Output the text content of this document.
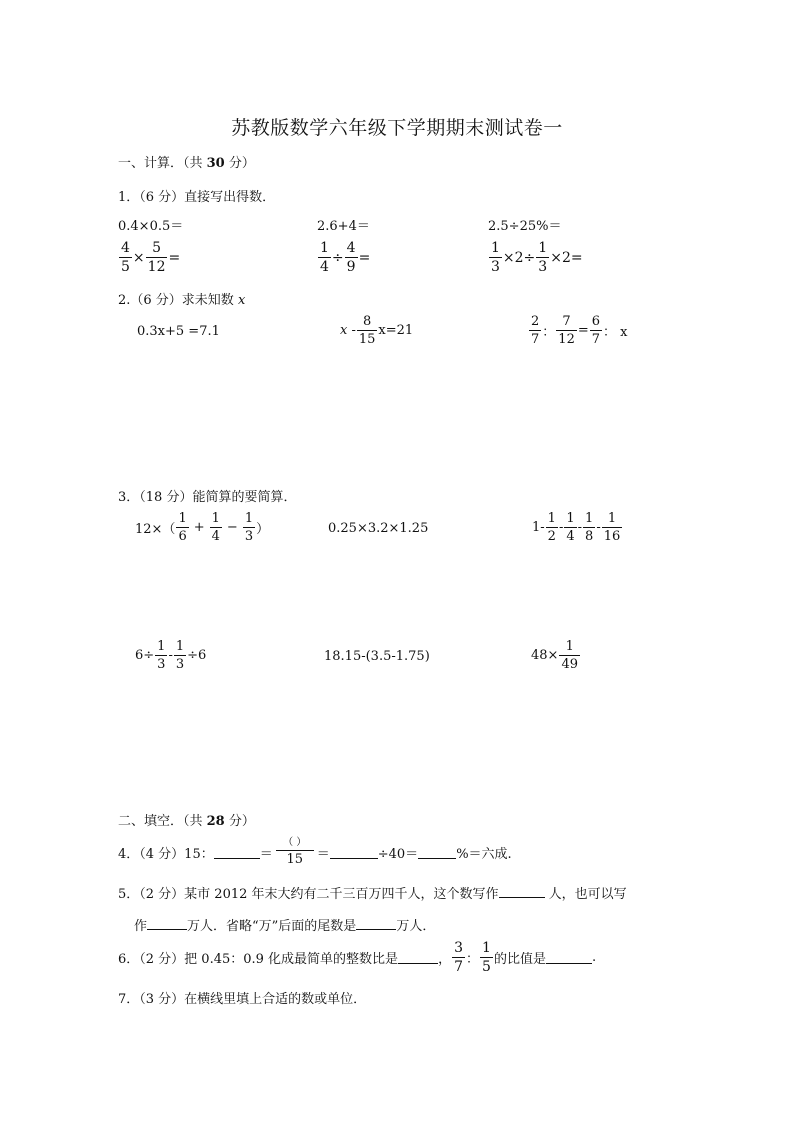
苏教版数学六年级下学期期末测试卷一
一、计算．（共 30 分）
1．（6 分）直接写出得数．
0.4×0.5＝	2.6+4＝	2.5÷25%＝
$\frac{4}{5} \times \frac{5}{12}$ =	$\frac{1}{4} \div \frac{4}{9}$ =	$\frac{1}{3} \times 2\div \frac{1}{3} \times 2=$
2.（6 分）求未知数 x
0.3x+5 =7.1	$x - \frac{8}{15} x=21$	$\frac{2}{7}$ ： $\frac{7}{12} = \frac{6}{7}$ ： x
3．（18 分）能简算的要简算．
$12\times( \frac{1}{6} + \frac{1}{4} - \frac{1}{3}$ ）	0.25×3.2×1.25	$1- \frac{1}{2} - \frac{1}{4} - \frac{1}{8} - \frac{1}{16}$
$6\div \frac{1}{3} - \frac{1}{3} \div 6$	18.15-(3.5-1.75)	$48\times \frac{1}{49}$
二、填空．（共 28 分）
4．（4 分）15：	＝ $\frac{( )}{15}$ ＝	÷40＝	%＝六成.
5．（2 分）某市 2012 年末大约有二千三百万四千人，这个数写作	人，也可以写
作	万人．省略“万”后面的尾数是	万人．
6．（2 分）把 0.45：0.9 化成最简单的整数比是	， $\frac{3}{7}$ ： $\frac{1}{5}$ 的比值是	.
7．（3 分）在横线里填上合适的数或单位．
